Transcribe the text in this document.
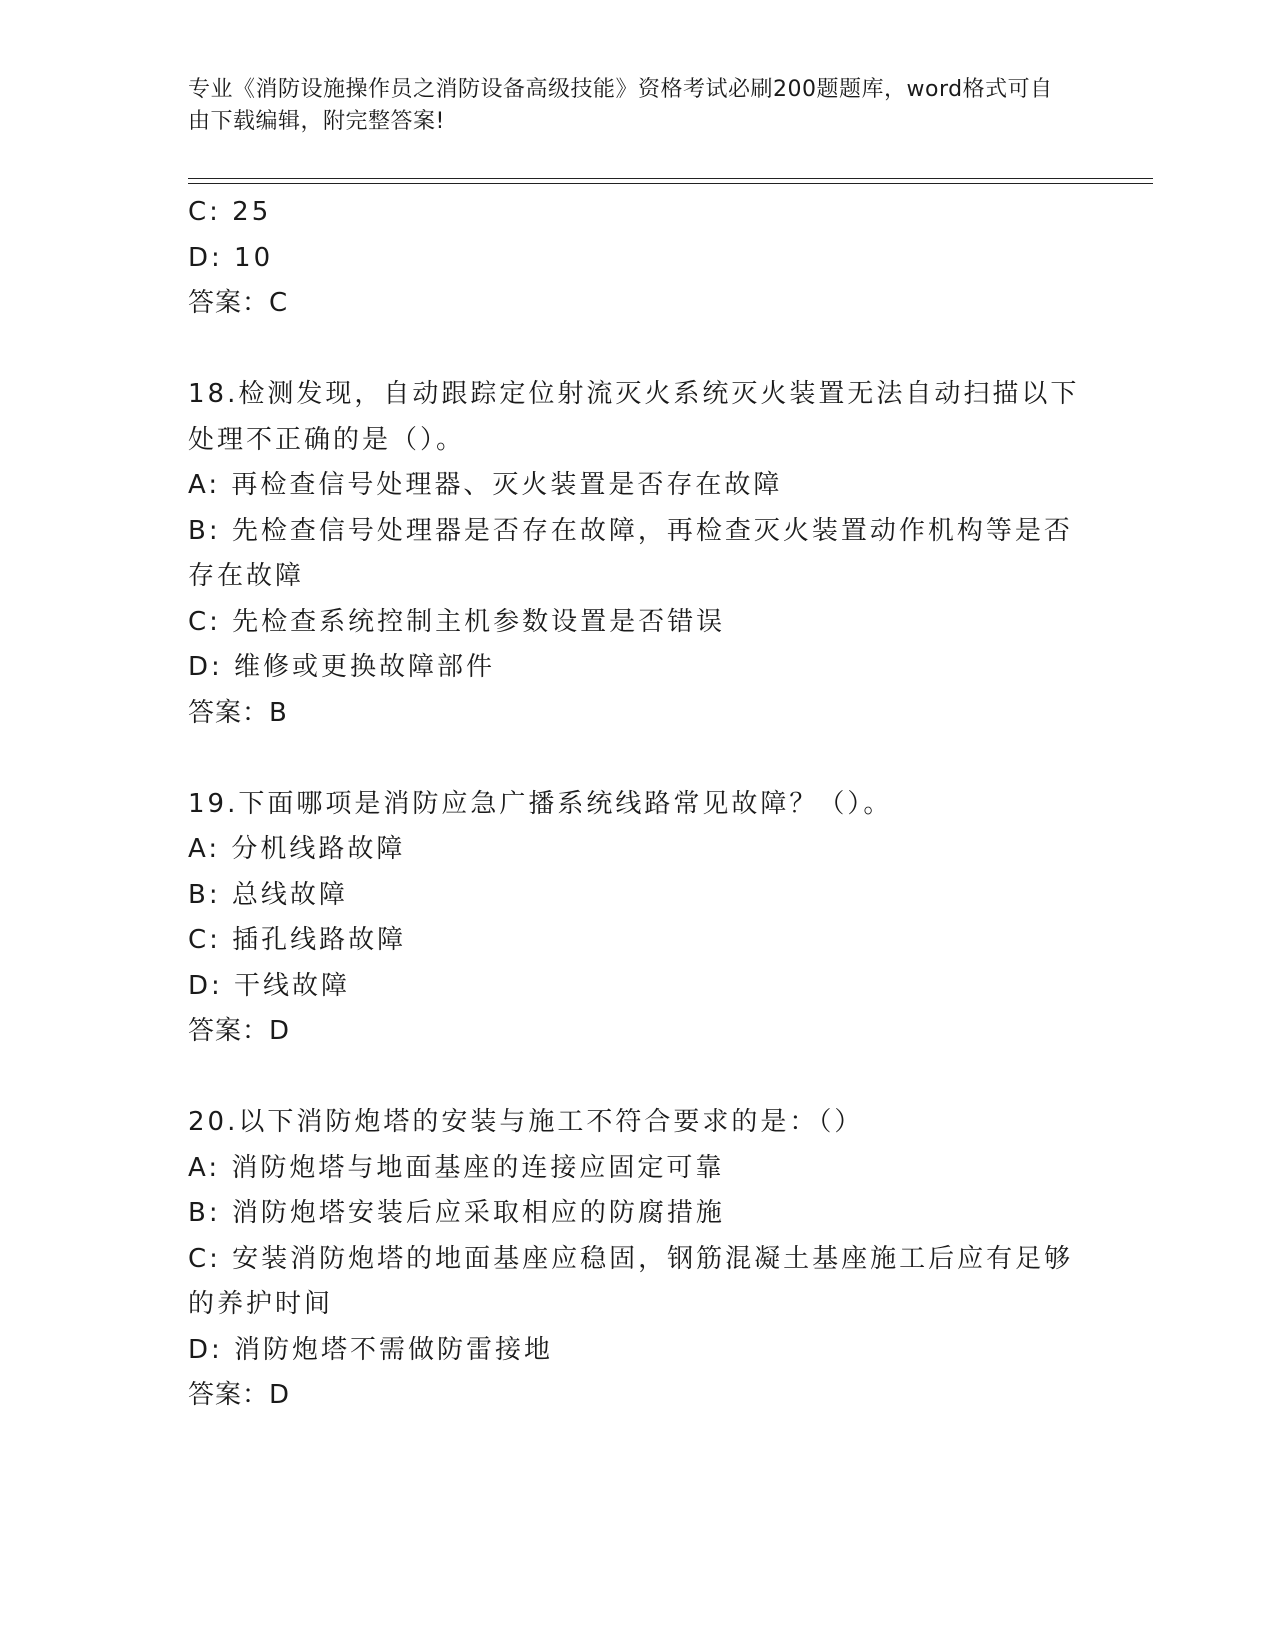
专业《消防设施操作员之消防设备高级技能》资格考试必刷200题题库，word格式可自由下载编辑，附完整答案!
C: 25
D: 10
答案：C
18.检测发现，自动跟踪定位射流灭火系统灭火装置无法自动扫描以下处理不正确的是（）。
A: 再检查信号处理器、灭火装置是否存在故障
B: 先检查信号处理器是否存在故障，再检查灭火装置动作机构等是否存在故障
C: 先检查系统控制主机参数设置是否错误
D: 维修或更换故障部件
答案：B
19.下面哪项是消防应急广播系统线路常见故障？（）。
A: 分机线路故障
B: 总线故障
C: 插孔线路故障
D: 干线故障
答案：D
20.以下消防炮塔的安装与施工不符合要求的是：（）
A: 消防炮塔与地面基座的连接应固定可靠
B: 消防炮塔安装后应采取相应的防腐措施
C: 安装消防炮塔的地面基座应稳固，钢筋混凝土基座施工后应有足够的养护时间
D: 消防炮塔不需做防雷接地
答案：D
